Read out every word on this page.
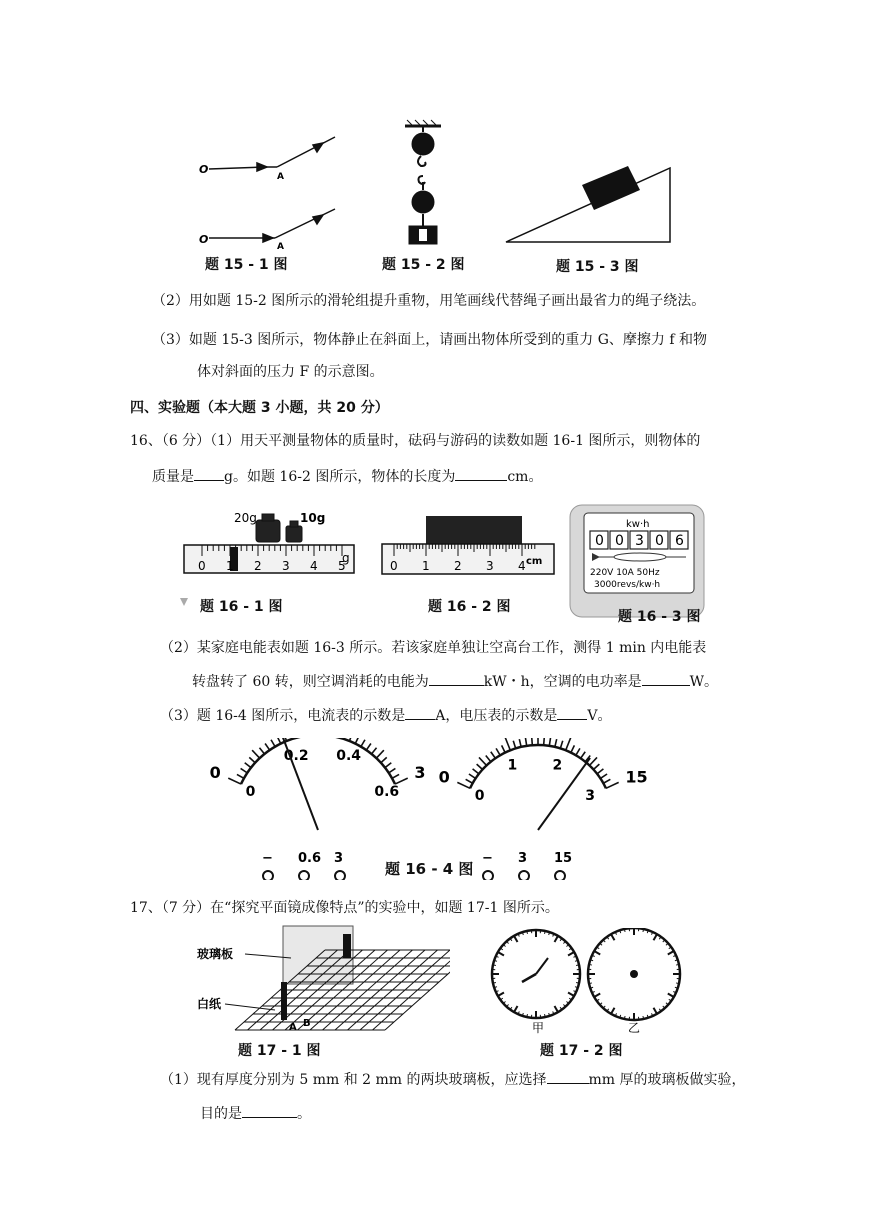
O
A
O
A
题 15 - 1 图	题 15 - 2 图	题 15 - 3 图
（2）用如题 15-2 图所示的滑轮组提升重物，用笔画线代替绳子画出最省力的绳子绕法。
（3）如题 15-3 图所示，物体静止在斜面上，请画出物体所受到的重力 G、摩擦力 f 和物
体对斜面的压力 F 的示意图。
四、实验题（本大题 3 小题，共 20 分）
16、（6 分）（1）用天平测量物体的质量时，砝码与游码的读数如题 16-1 图所示，则物体的
质量是 g。如题 16-2 图所示，物体的长度为	cm。
20g	10g
0 1 2 3 4 5
g
题 16 - 1 图
0 1 2 3 4 cm
题 16 - 2 图
kw·h
0 0 3 0 6
220V 10A 50Hz
3000revs/kw·h
题 16 - 3 图
（2）某家庭电能表如题 16-3 所示。若该家庭单独让空高台工作，测得 1 min 内电能表
转盘转了 60 转，则空调消耗的电能为	kW・h，空调的电功率是	W。
（3）题 16-4 图所示，电流表的示数是 A，电压表的示数是 V。
0	3
0
0.2 0.4
0.6
− 0.6 3
0	15
0
1	2
3
− 3 15
题 16 - 4 图
17、（7 分）在“探究平面镜成像特点”的实验中，如题 17-1 图所示。
玻璃板
白纸
A B
题 17 - 1 图
甲	乙
题 17 - 2 图
（1）现有厚度分别为 5 mm 和 2 mm 的两块玻璃板，应选择	mm 厚的玻璃板做实验，
目的是	。
